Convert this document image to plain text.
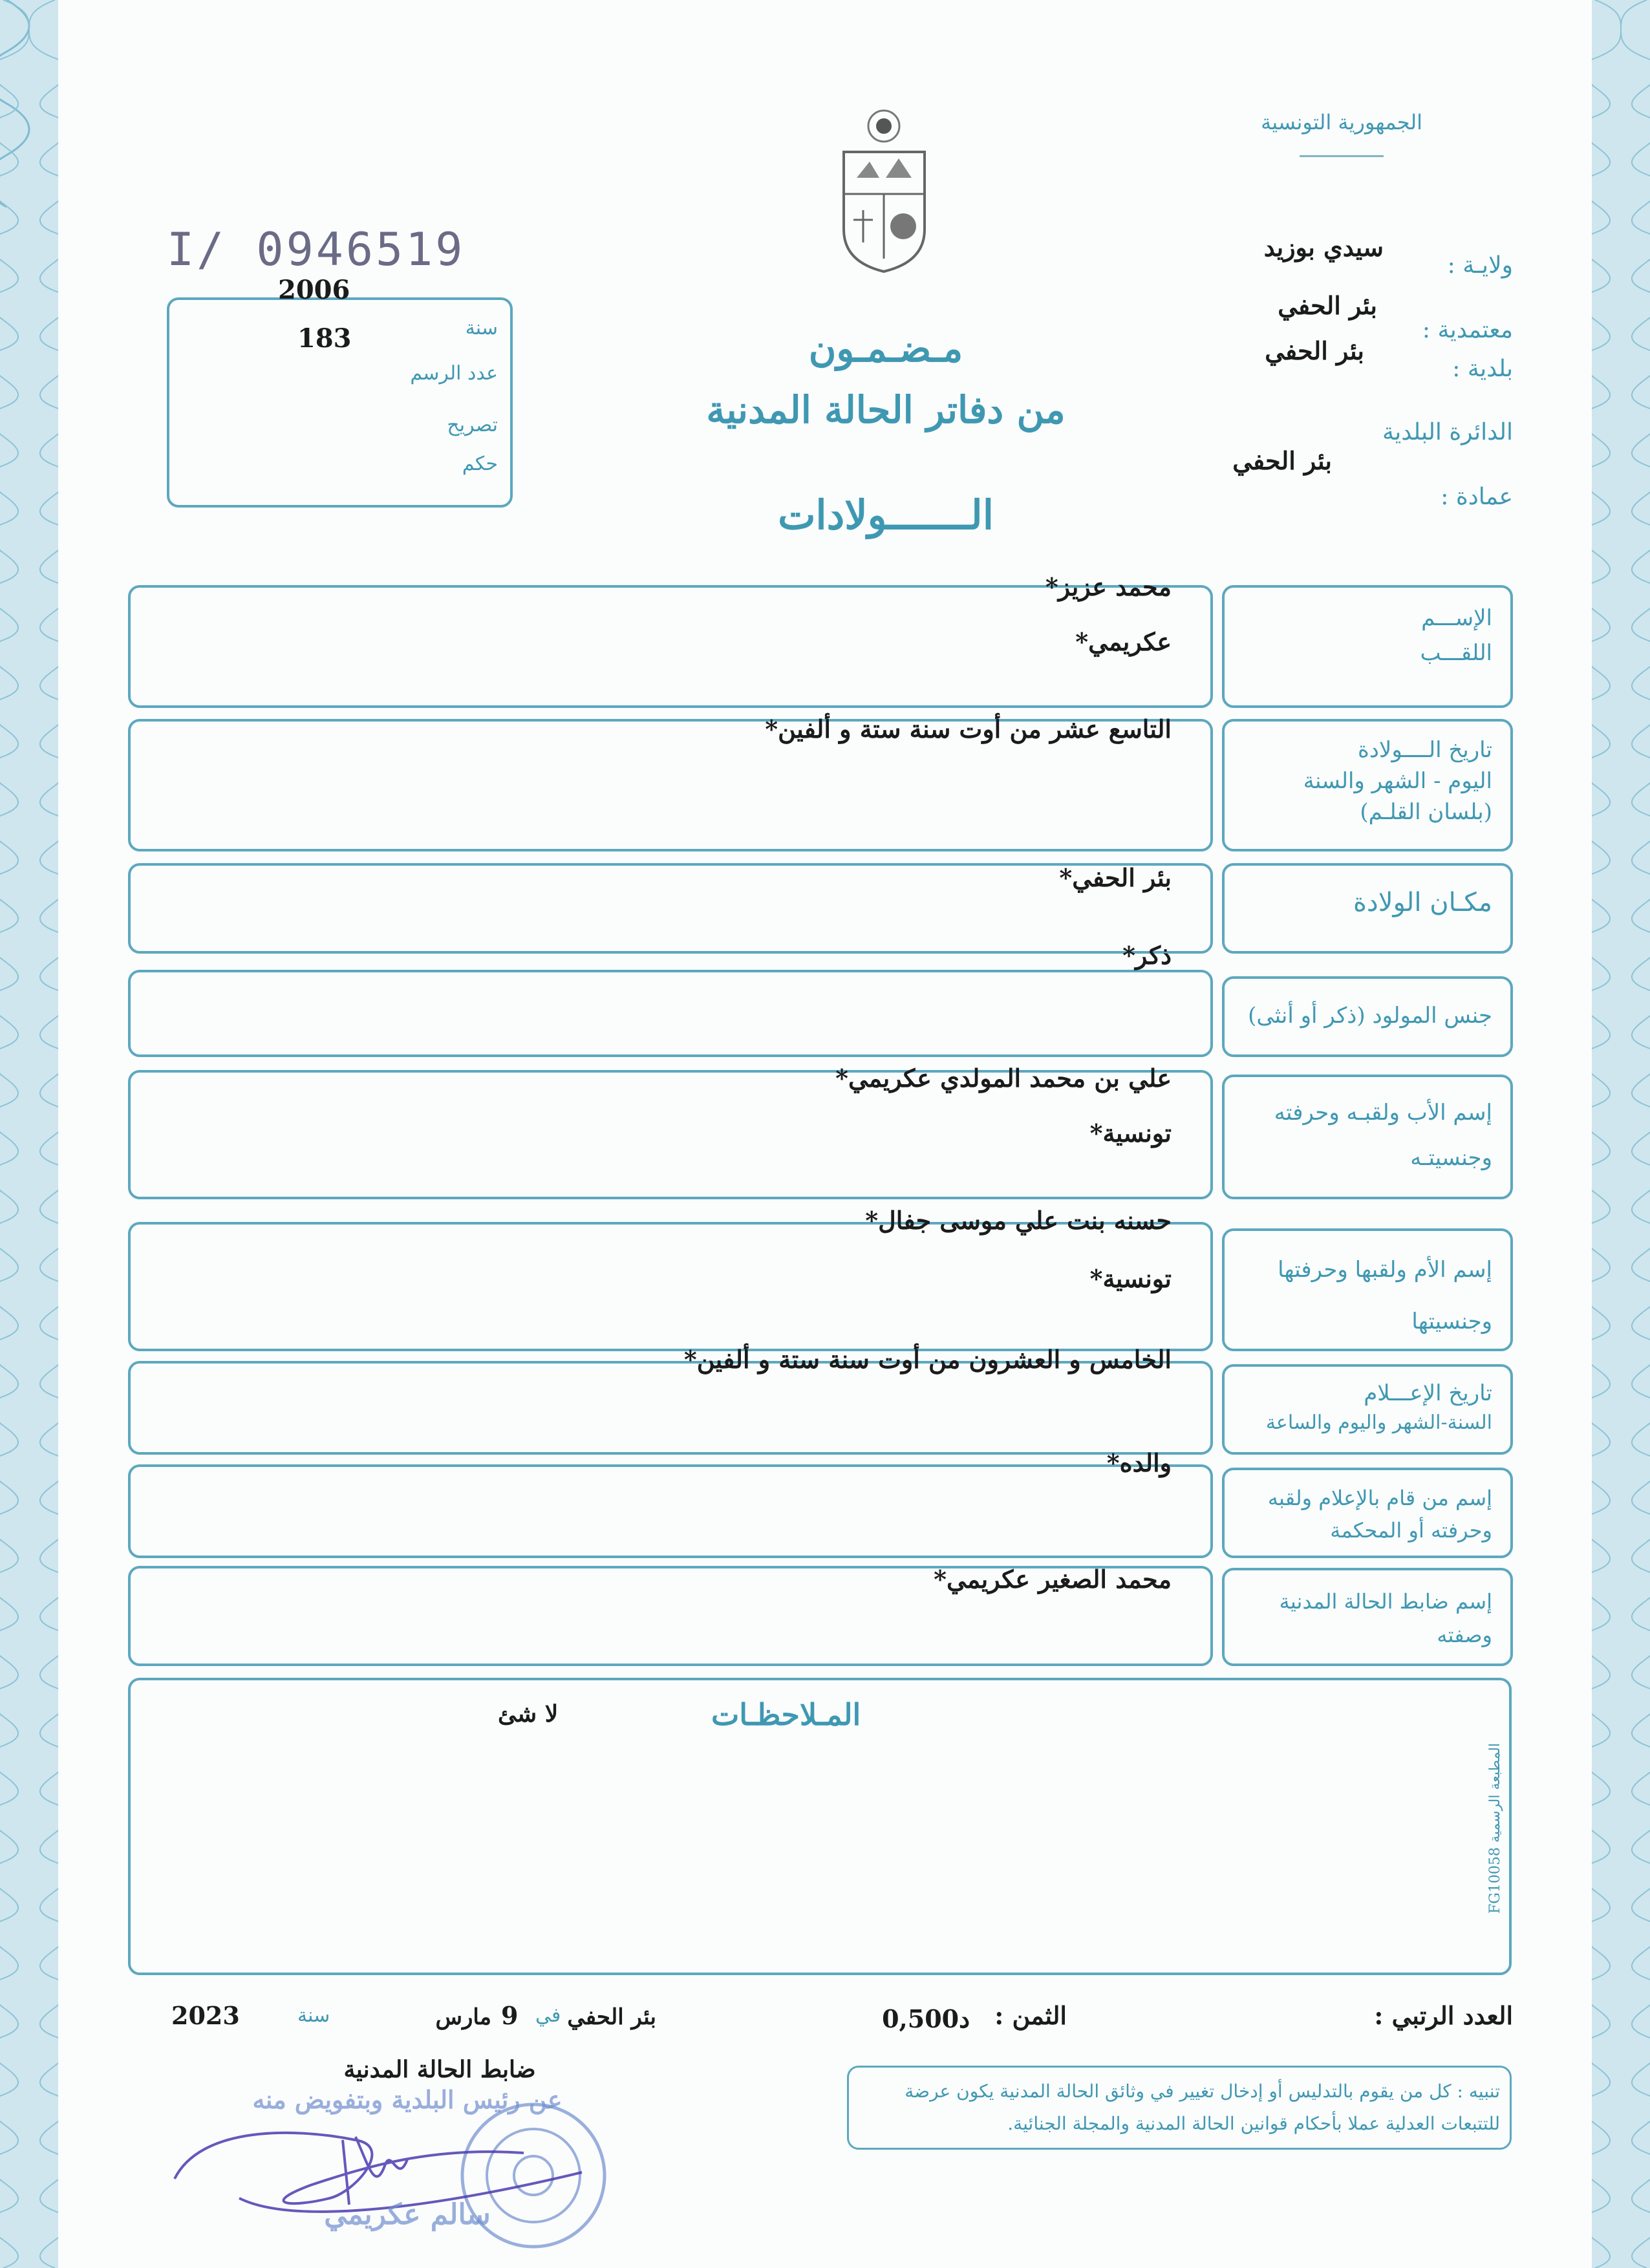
الجمهورية التونسية
I/ 0946519
2006
سنة
183
عدد الرسم
تصريح
حكم
مـضـمـون
من دفاتر الحالة المدنية
الـــــــولادات
ولايـة :
سيدي بوزيد
معتمدية :
بئر الحفي
بلدية :
بئر الحفي
الدائرة البلدية
بئر الحفي
عمادة :
الإســـم
اللقـــب
محمد عزيز*
عكريمي*
تاريخ الــــولادة
اليوم - الشهر والسنة
(بلسان القلـم)
التاسع عشر من أوت سنة ستة و ألفين*
مكـان الولادة
بئر الحفي*
جنس المولود (ذكر أو أنثى)
ذكر*
إسم الأب ولقبـه وحرفته
وجنسيتـه
علي بن محمد المولدي عكريمي*
تونسية*
إسم الأم ولقبها وحرفتها
وجنسيتها
حسنه بنت علي موسى جفال*
تونسية*
تاريخ الإعـــلام
السنة-الشهر واليوم والساعة
الخامس و العشرون من أوت سنة ستة و ألفين*
إسم من قام بالإعلام ولقبه
وحرفته أو المحكمة
والده*
إسم ضابط الحالة المدنية
وصفته
محمد الصغير عكريمي*
المـلاحظـات
لا شئ
المطبعة الرسمية FG10058
العدد الرتبي :
الثمن :
0,500د
بئر الحفي
في
9
مارس
سنة
2023
ضابط الحالة المدنية
تنبيه : كل من يقوم بالتدليس أو إدخال تغيير في وثائق الحالة المدنية يكون عرضة للتتبعات العدلية عملا بأحكام قوانين الحالة المدنية والمجلة الجنائية.
عن رئيس البلدية وبتفويض منه
سالم عكريمي
